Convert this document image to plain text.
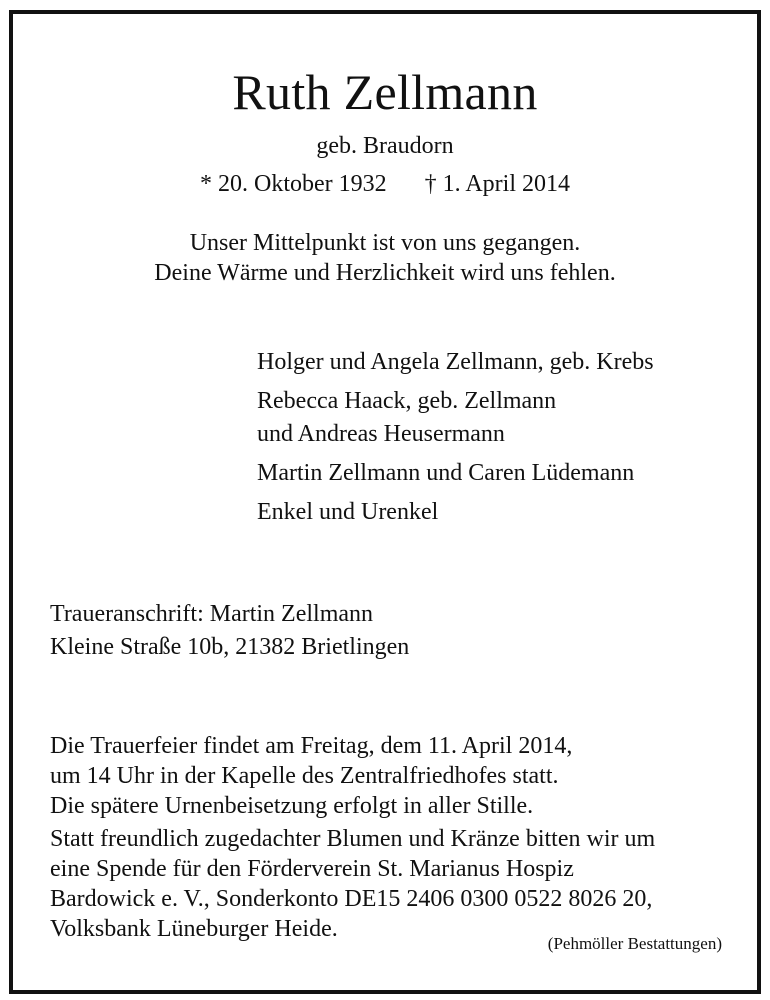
Ruth Zellmann
geb. Braudorn
* 20. Oktober 1932 † 1. April 2014
Unser Mittelpunkt ist von uns gegangen.
Deine Wärme und Herzlichkeit wird uns fehlen.
Holger und Angela Zellmann, geb. Krebs
Rebecca Haack, geb. Zellmann
und Andreas Heusermann
Martin Zellmann und Caren Lüdemann
Enkel und Urenkel
Traueranschrift: Martin Zellmann
Kleine Straße 10b, 21382 Brietlingen
Die Trauerfeier findet am Freitag, dem 11. April 2014,
um 14 Uhr in der Kapelle des Zentralfriedhofes statt.
Die spätere Urnenbeisetzung erfolgt in aller Stille.
Statt freundlich zugedachter Blumen und Kränze bitten wir um
eine Spende für den Förderverein St. Marianus Hospiz
Bardowick e. V., Sonderkonto DE15 2406 0300 0522 8026 20,
Volksbank Lüneburger Heide.
(Pehmöller Bestattungen)
